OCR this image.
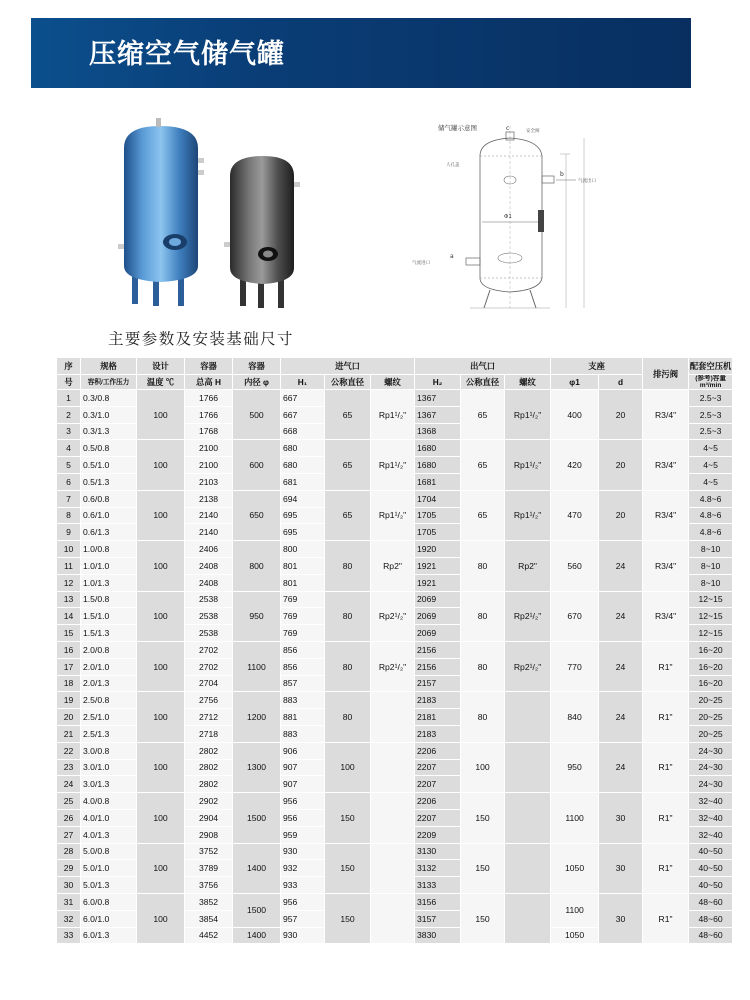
压缩空气储气罐
储气罐示意图	c	安全阀
b
气流出口
Φ1
a
气流进口
人孔盖
主要参数及安装基础尺寸
序	规格	设计	容器	容器	进气口			出气口			支座		排污阀	配套空压机
号	容积/工作压力	温度 ℃	总高 H	内径 φ	H₁	公称直径	螺纹	H₂	公称直径	螺纹	φ1	d		(参考)容量 m³/min
1	0.3/0.8	100	1766	500	667	65	Rp1¹/₂"	1367	65	Rp1¹/₂"	400	20	R3/4"	2.5~3
2	0.3/1.0		1766		667			1367						2.5~3
3	0.3/1.3		1768		668			1368						2.5~3
4	0.5/0.8	100	2100	600	680	65	Rp1¹/₂"	1680	65	Rp1¹/₂"	420	20	R3/4"	4~5
5	0.5/1.0		2100		680			1680						4~5
6	0.5/1.3		2103		681			1681						4~5
7	0.6/0.8	100	2138	650	694	65	Rp1¹/₂"	1704	65	Rp1¹/₂"	470	20	R3/4"	4.8~6
8	0.6/1.0		2140		695			1705						4.8~6
9	0.6/1.3		2140		695			1705						4.8~6
10	1.0/0.8	100	2406	800	800	80	Rp2"	1920	80	Rp2"	560	24	R3/4"	8~10
11	1.0/1.0		2408		801			1921						8~10
12	1.0/1.3		2408		801			1921						8~10
13	1.5/0.8	100	2538	950	769	80	Rp2¹/₂"	2069	80	Rp2¹/₂"	670	24	R3/4"	12~15
14	1.5/1.0		2538		769			2069						12~15
15	1.5/1.3		2538		769			2069						12~15
16	2.0/0.8	100	2702	1100	856	80	Rp2¹/₂"	2156	80	Rp2¹/₂"	770	24	R1"	16~20
17	2.0/1.0		2702		856			2156						16~20
18	2.0/1.3		2704		857			2157						16~20
19	2.5/0.8	100	2756	1200	883	80		2183	80		840	24	R1"	20~25
20	2.5/1.0		2712		881			2181						20~25
21	2.5/1.3		2718		883			2183						20~25
22	3.0/0.8	100	2802	1300	906	100		2206	100		950	24	R1"	24~30
23	3.0/1.0		2802		907			2207						24~30
24	3.0/1.3		2802		907			2207						24~30
25	4.0/0.8	100	2902	1500	956	150		2206	150		1100	30	R1"	32~40
26	4.0/1.0		2904		956			2207						32~40
27	4.0/1.3		2908		959			2209						32~40
28	5.0/0.8	100	3752	1400	930	150		3130	150		1050	30	R1"	40~50
29	5.0/1.0		3789		932			3132						40~50
30	5.0/1.3		3756		933			3133						40~50
31	6.0/0.8	100	3852	1500	956	150		3156	150		1100	30	R1"	48~60
32	6.0/1.0		3854		957			3157						48~60
33	6.0/1.3		4452	1400	930			3830			1050			48~60
